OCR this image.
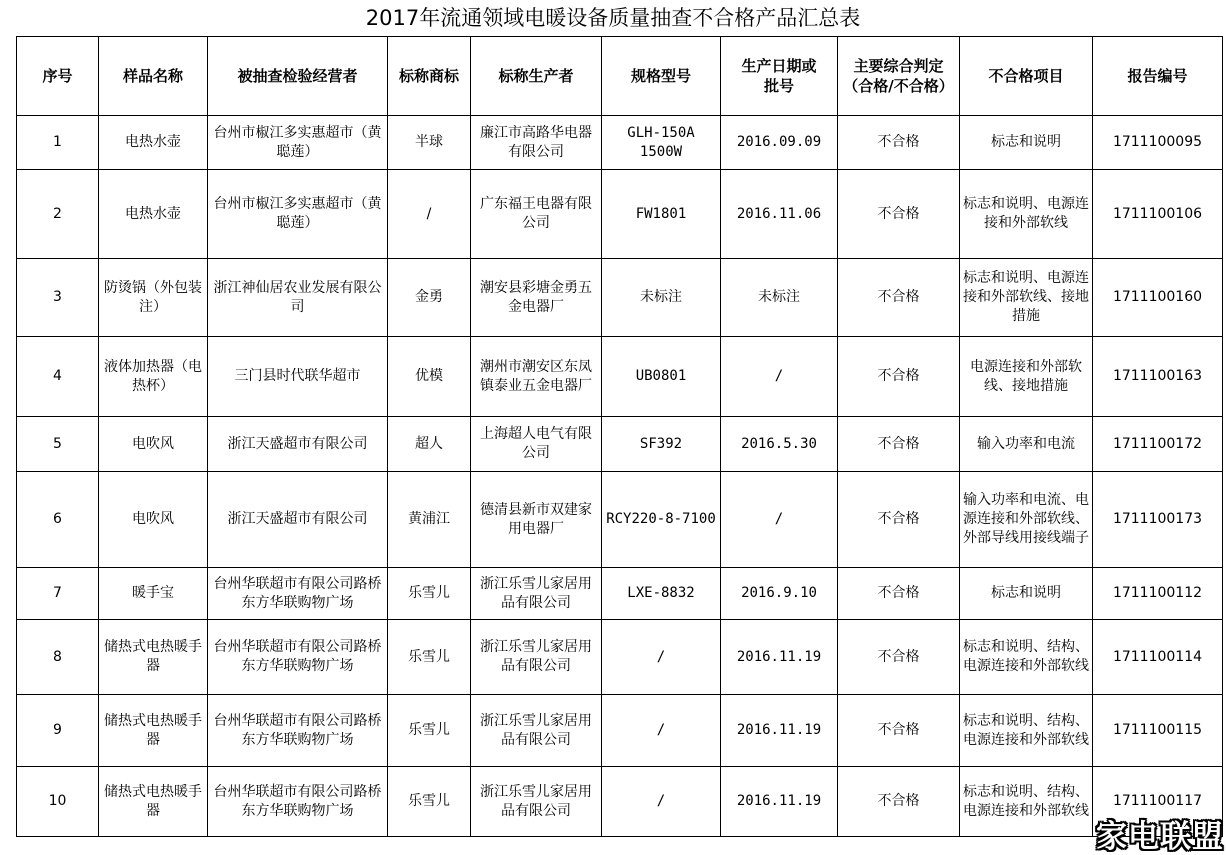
2017年流通领域电暖设备质量抽查不合格产品汇总表
序号	样品名称	被抽查检验经营者	标称商标	标称生产者	规格型号	生产日期或批号	主要综合判定（合格/不合格）	不合格项目	报告编号
1	电热水壶	台州市椒江多实惠超市（黄聪莲）	半球	廉江市高路华电器有限公司	GLH-150A 1500W	2016.09.09	不合格	标志和说明	1711100095
2	电热水壶	台州市椒江多实惠超市（黄聪莲）	/	广东福王电器有限公司	FW1801	2016.11.06	不合格	标志和说明、电源连接和外部软线	1711100106
3	防烫锅（外包装注）	浙江神仙居农业发展有限公司	金勇	潮安县彩塘金勇五金电器厂	未标注	未标注	不合格	标志和说明、电源连接和外部软线、接地措施	1711100160
4	液体加热器（电热杯）	三门县时代联华超市	优模	潮州市潮安区东凤镇泰业五金电器厂	UB0801	/	不合格	电源连接和外部软线、接地措施	1711100163
5	电吹风	浙江天盛超市有限公司	超人	上海超人电气有限公司	SF392	2016.5.30	不合格	输入功率和电流	1711100172
6	电吹风	浙江天盛超市有限公司	黄浦江	德清县新市双建家用电器厂	RCY220-8-7100	/	不合格	输入功率和电流、电源连接和外部软线、外部导线用接线端子	1711100173
7	暖手宝	台州华联超市有限公司路桥东方华联购物广场	乐雪儿	浙江乐雪儿家居用品有限公司	LXE-8832	2016.9.10	不合格	标志和说明	1711100112
8	储热式电热暖手器	台州华联超市有限公司路桥东方华联购物广场	乐雪儿	浙江乐雪儿家居用品有限公司	/	2016.11.19	不合格	标志和说明、结构、电源连接和外部软线	1711100114
9	储热式电热暖手器	台州华联超市有限公司路桥东方华联购物广场	乐雪儿	浙江乐雪儿家居用品有限公司	/	2016.11.19	不合格	标志和说明、结构、电源连接和外部软线	1711100115
10	储热式电热暖手器	台州华联超市有限公司路桥东方华联购物广场	乐雪儿	浙江乐雪儿家居用品有限公司	/	2016.11.19	不合格	标志和说明、结构、电源连接和外部软线	1711100117
家电联盟
